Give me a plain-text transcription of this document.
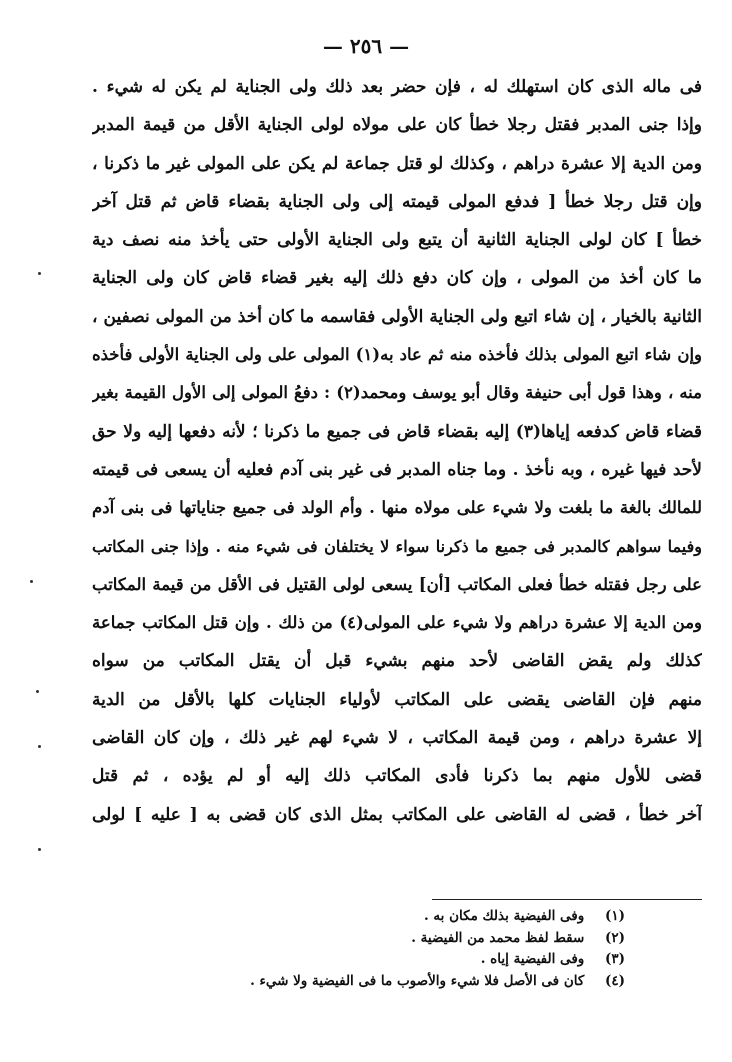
— ٢٥٦ —
فى ماله الذى كان استهلك له ، فإن حضر بعد ذلك ولى الجناية لم يكن له شيء .
وإذا جنى المدبر فقتل رجلا خطأ كان على مولاه لولى الجناية الأقل من قيمة المدبر
ومن الدية إلا عشرة دراهم ، وكذلك لو قتل جماعة لم يكن على المولى غير ما ذكرنا ،
وإن قتل رجلا خطأ [ فدفع المولى قيمته إلى ولى الجناية بقضاء قاض ثم قتل آخر
خطأ ] كان لولى الجناية الثانية أن يتبع ولى الجناية الأولى حتى يأخذ منه نصف دية
ما كان أخذ من المولى ، وإن كان دفع ذلك إليه بغير قضاء قاض كان ولى الجناية
الثانية بالخيار ، إن شاء اتبع ولى الجناية الأولى فقاسمه ما كان أخذ من المولى نصفين ،
وإن شاء اتبع المولى بذلك فأخذه منه ثم عاد به(١) المولى على ولى الجناية الأولى فأخذه
منه ، وهذا قول أبى حنيفة وقال أبو يوسف ومحمد(٢) : دفعُ المولى إلى الأول القيمة بغير
قضاء قاض كدفعه إياها(٣) إليه بقضاء قاض فى جميع ما ذكرنا ؛ لأنه دفعها إليه ولا حق
لأحد فيها غيره ، وبه نأخذ . وما جناه المدبر فى غير بنى آدم فعليه أن يسعى فى قيمته
للمالك بالغة ما بلغت ولا شيء على مولاه منها . وأم الولد فى جميع جناياتها فى بنى آدم
وفيما سواهم كالمدبر فى جميع ما ذكرنا سواء لا يختلفان فى شيء منه . وإذا جنى المكاتب
على رجل فقتله خطأ فعلى المكاتب [أن] يسعى لولى القتيل فى الأقل من قيمة المكاتب
ومن الدية إلا عشرة دراهم ولا شيء على المولى(٤) من ذلك . وإن قتل المكاتب جماعة
كذلك ولم يقض القاضى لأحد منهم بشيء قبل أن يقتل المكاتب من سواه
منهم فإن القاضى يقضى على المكاتب لأولياء الجنايات كلها بالأقل من الدية
إلا عشرة دراهم ، ومن قيمة المكاتب ، لا شيء لهم غير ذلك ، وإن كان القاضى
قضى للأول منهم بما ذكرنا فأدى المكاتب ذلك إليه أو لم يؤده ، ثم قتل
آخر خطأ ، قضى له القاضى على المكاتب بمثل الذى كان قضى به [ عليه ] لولى
(١) وفى الفيضية بذلك مكان به .
(٢) سقط لفظ محمد من الفيضية .
(٣) وفى الفيضية إياه .
(٤) كان فى الأصل فلا شيء والأصوب ما فى الفيضية ولا شيء .
